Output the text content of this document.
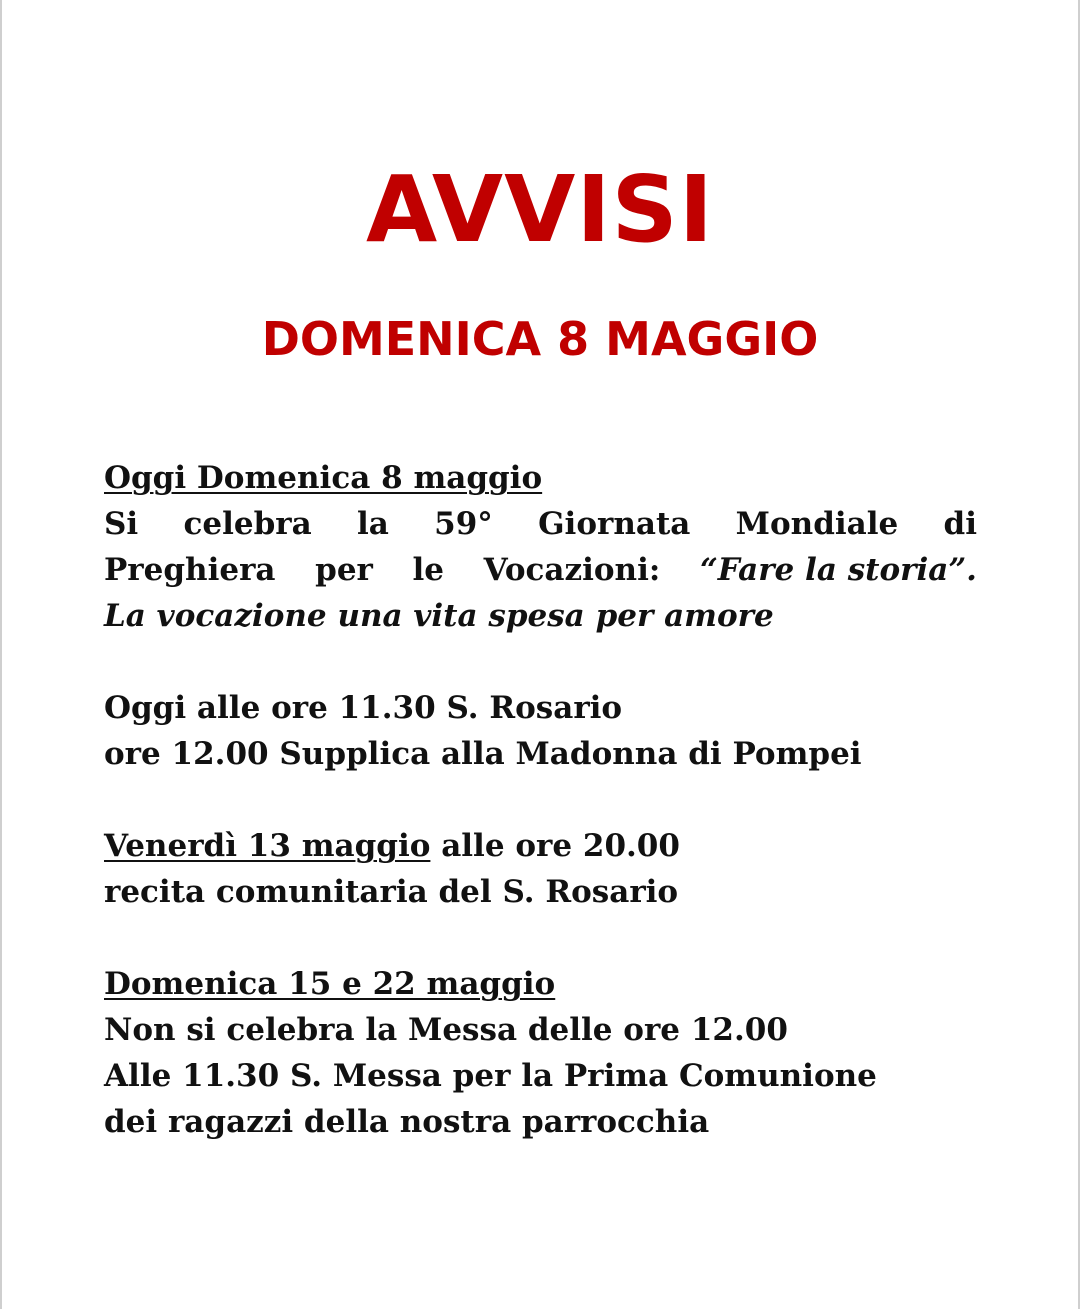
AVVISI
DOMENICA 8 MAGGIO
Oggi Domenica 8 maggio
Si celebra la 59° Giornata Mondiale di
Preghiera per le Vocazioni: “Fare la storia”.
La vocazione una vita spesa per amore
Oggi alle ore 11.30 S. Rosario
ore 12.00 Supplica alla Madonna di Pompei
Venerdì 13 maggio alle ore 20.00
recita comunitaria del S. Rosario
Domenica 15 e 22 maggio
Non si celebra la Messa delle ore 12.00
Alle 11.30 S. Messa per la Prima Comunione
dei ragazzi della nostra parrocchia
